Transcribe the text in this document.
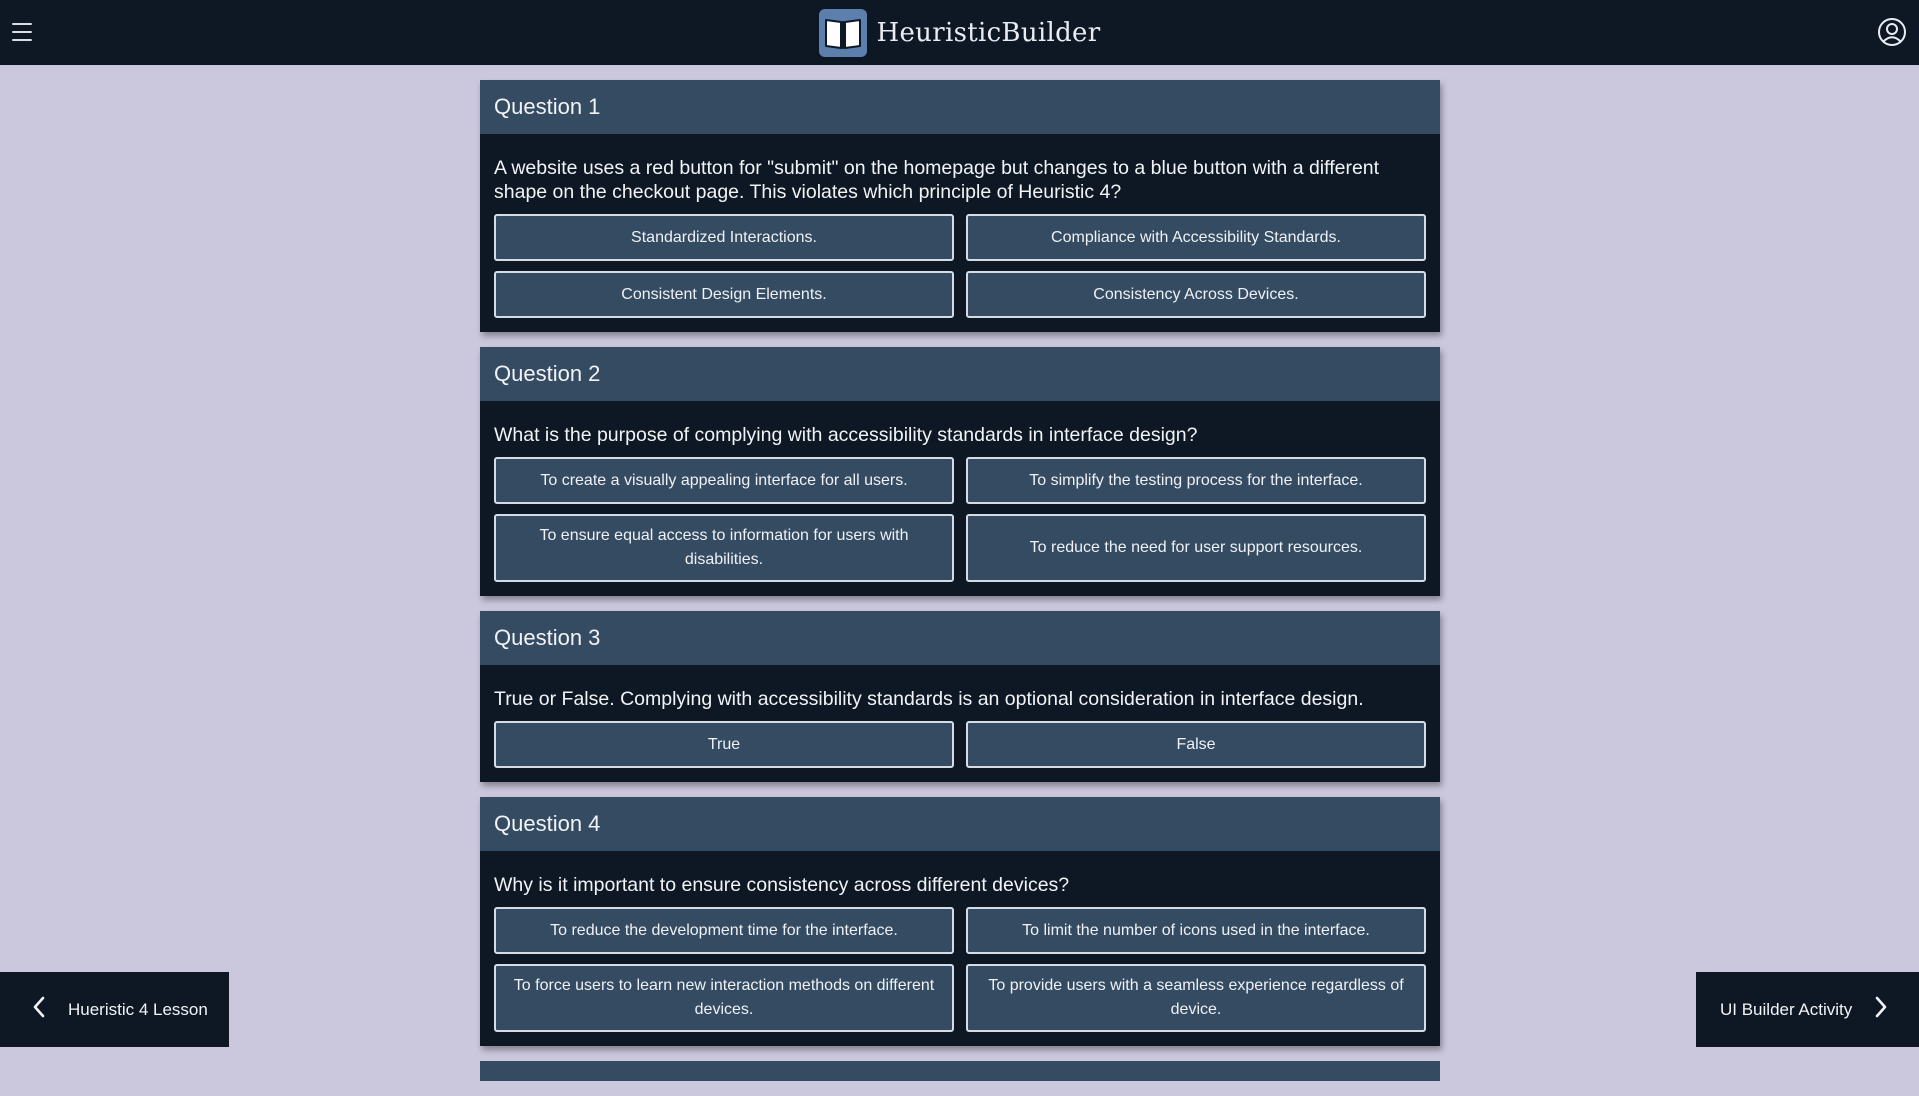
HeuristicBuilder
Question 1
A website uses a red button for "submit" on the homepage but changes to a blue button with a different shape on the checkout page. This violates which principle of Heuristic 4?
Standardized Interactions.	Compliance with Accessibility Standards.
Consistent Design Elements.	Consistency Across Devices.
Question 2
What is the purpose of complying with accessibility standards in interface design?
To create a visually appealing interface for all users.	To simplify the testing process for the interface.
To ensure equal access to information for users with disabilities.
To reduce the need for user support resources.
Question 3
True or False. Complying with accessibility standards is an optional consideration in interface design.
True	False
Question 4
Why is it important to ensure consistency across different devices?
To reduce the development time for the interface.	To limit the number of icons used in the interface.
To force users to learn new interaction methods on different devices.
To provide users with a seamless experience regardless of device.
Hueristic 4 Lesson	UI Builder Activity
